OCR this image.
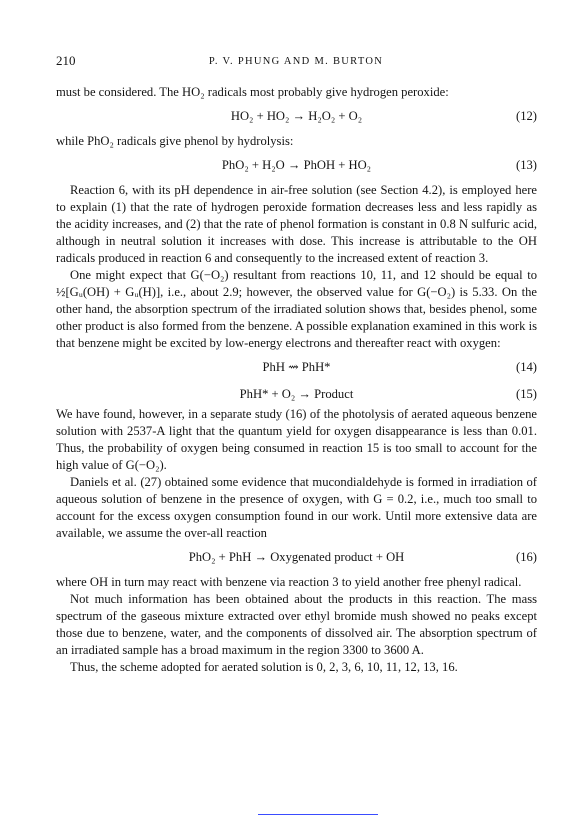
210	P. V. PHUNG AND M. BURTON

must be considered. The HO₂ radicals most probably give hydrogen peroxide:

HO₂ + HO₂ → H₂O₂ + O₂	(12)

while PhO₂ radicals give phenol by hydrolysis:

PhO₂ + H₂O → PhOH + HO₂	(13)

Reaction 6, with its pH dependence in air-free solution (see Section 4.2), is employed here to explain (1) that the rate of hydrogen peroxide formation decreases less and less rapidly as the acidity increases, and (2) that the rate of phenol formation is constant in 0.8 N sulfuric acid, although in neutral solution it increases with dose. This increase is attributable to the OH radicals produced in reaction 6 and consequently to the increased extent of reaction 3.

One might expect that G(−O₂) resultant from reactions 10, 11, and 12 should be equal to ½[Gᵤ(OH) + Gᵤ(H)], i.e., about 2.9; however, the observed value for G(−O₂) is 5.33. On the other hand, the absorption spectrum of the irradiated solution shows that, besides phenol, some other product is also formed from the benzene. A possible explanation examined in this work is that benzene might be excited by low-energy electrons and thereafter react with oxygen:

PhH ⇝ PhH*	(14)
PhH* + O₂ → Product	(15)

We have found, however, in a separate study (16) of the photolysis of aerated aqueous benzene solution with 2537-A light that the quantum yield for oxygen disappearance is less than 0.01. Thus, the probability of oxygen being consumed in reaction 15 is too small to account for the high value of G(−O₂).

Daniels et al. (27) obtained some evidence that mucondialdehyde is formed in irradiation of aqueous solution of benzene in the presence of oxygen, with G = 0.2, i.e., much too small to account for the excess oxygen consumption found in our work. Until more extensive data are available, we assume the over-all reaction

PhO₂ + PhH → Oxygenated product + OH	(16)

where OH in turn may react with benzene via reaction 3 to yield another free phenyl radical.

Not much information has been obtained about the products in this reaction. The mass spectrum of the gaseous mixture extracted over ethyl bromide mush showed no peaks except those due to benzene, water, and the components of dissolved air. The absorption spectrum of an irradiated sample has a broad maximum in the region 3300 to 3600 A.

Thus, the scheme adopted for aerated solution is 0, 2, 3, 6, 10, 11, 12, 13, 16.
